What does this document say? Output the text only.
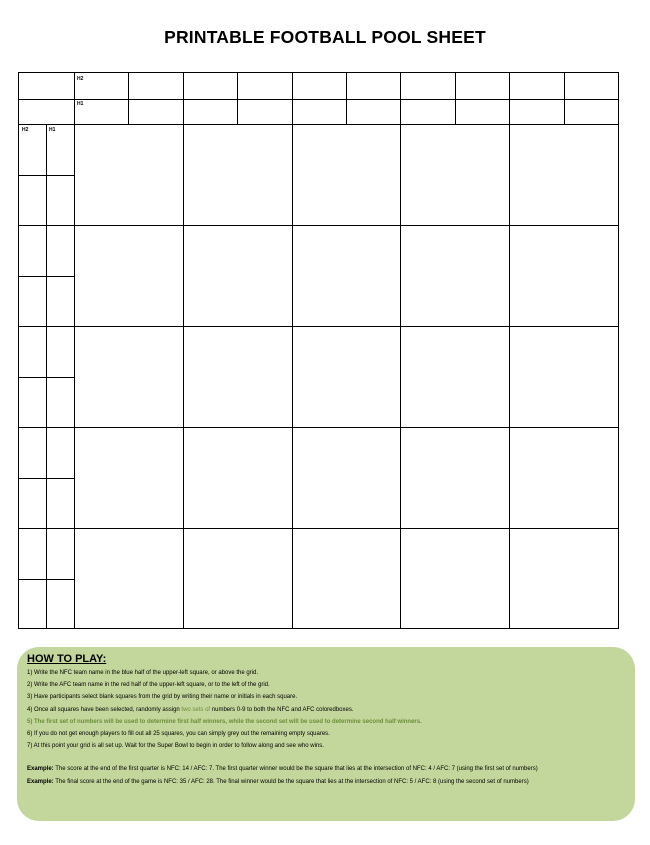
PRINTABLE FOOTBALL POOL SHEET
H2
H1
H2	H1
HOW TO PLAY:

1) Write the NFC team name in the blue half of the upper-left square, or above the grid.

2) Write the AFC team name in the red half of the upper-left square, or to the left of the grid.

3) Have participants select blank squares from the grid by writing their name or initials in each square.

4) Once all squares have been selected, randomly assign two sets of numbers 0-9 to both the NFC and AFC coloredboxes.

5) The first set of numbers will be used to determine first half winners, while the second set will be used to determine second half winners.

6) If you do not get enough players to fill out all 25 squares, you can simply grey out the remaining empty squares.

7) At this point your grid is all set up. Wait for the Super Bowl to begin in order to follow along and see who wins.

Example: The score at the end of the first quarter is NFC: 14 / AFC: 7. The first quarter winner would be the square that lies at the intersection of NFC: 4 / AFC: 7 (using the first set of numbers)

Example: The final score at the end of the game is NFC: 35 / AFC: 28. The final winner would be the square that lies at the intersection of NFC: 5 / AFC: 8 (using the second set of numbers)
